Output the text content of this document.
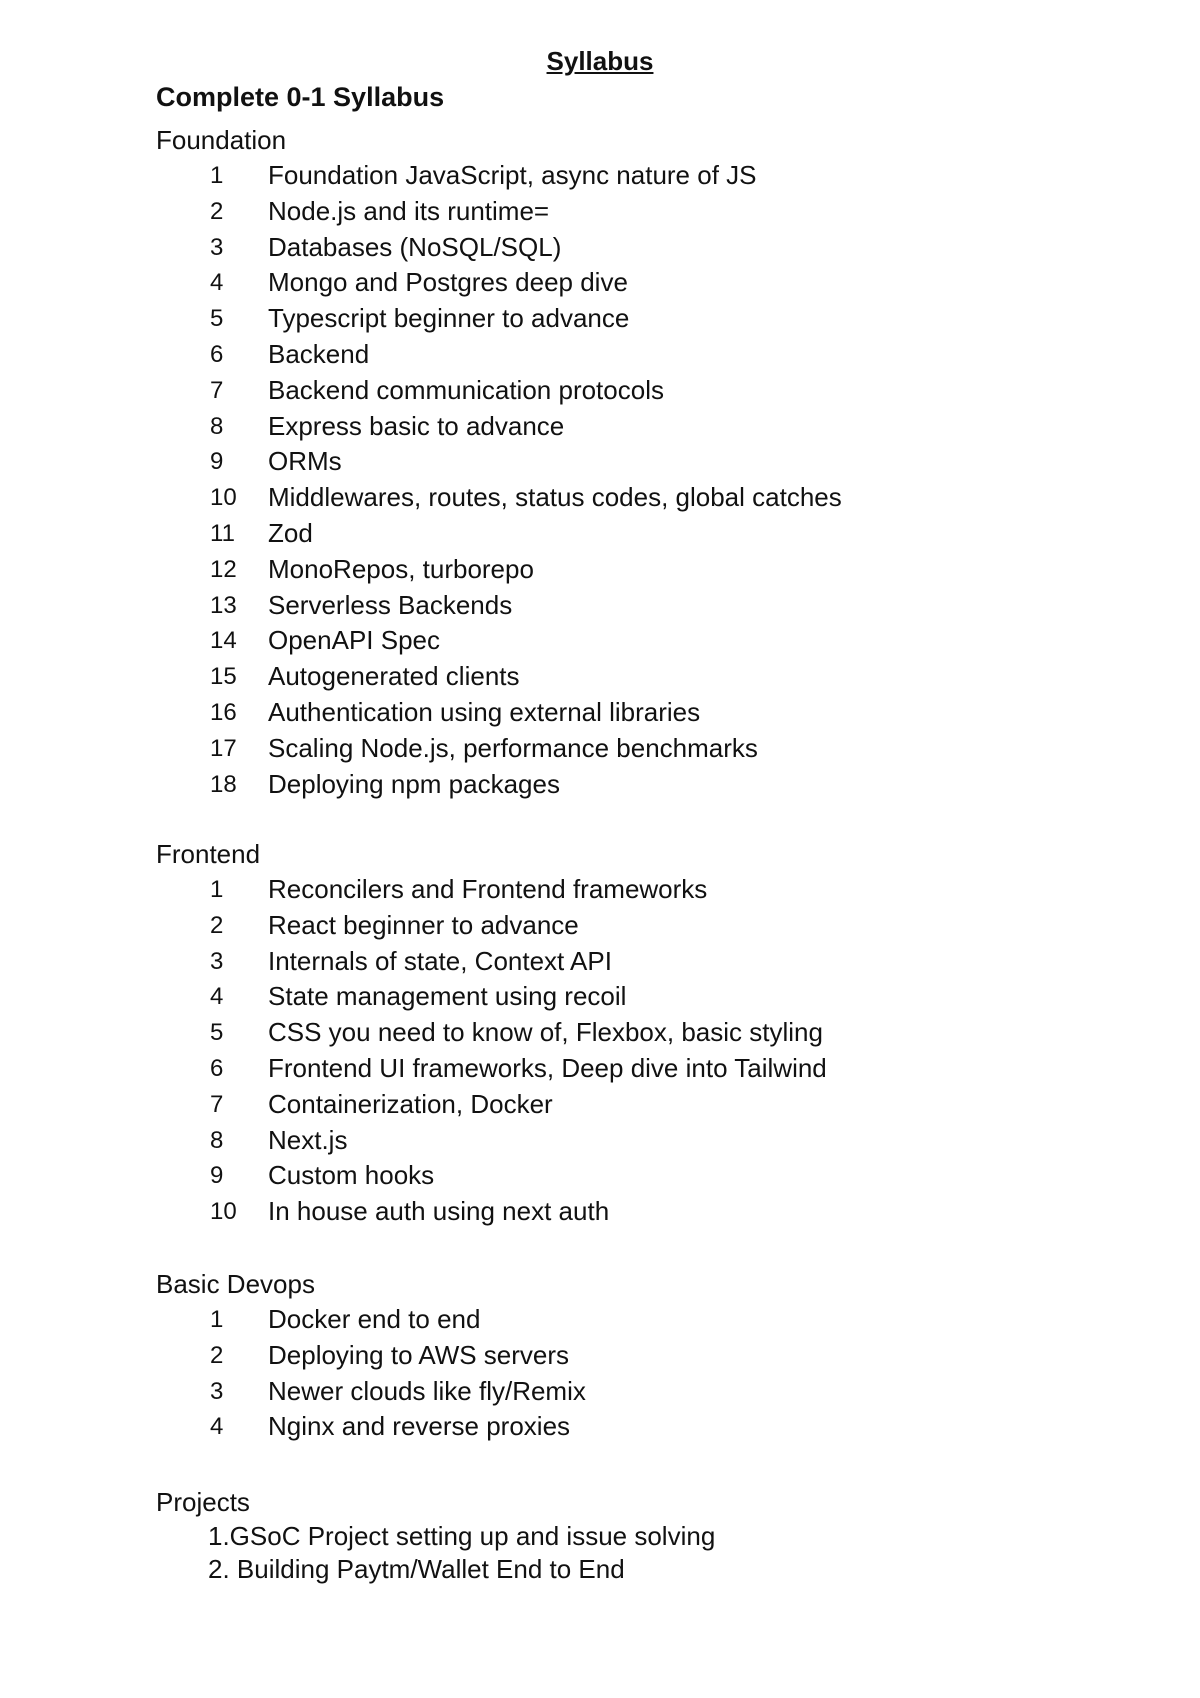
Syllabus
Complete 0-1 Syllabus
Foundation
1	Foundation JavaScript, async nature of JS
2	Node.js and its runtime=
3	Databases (NoSQL/SQL)
4	Mongo and Postgres deep dive
5	Typescript beginner to advance
6	Backend
7	Backend communication protocols
8	Express basic to advance
9	ORMs
10	Middlewares, routes, status codes, global catches
11	Zod
12	MonoRepos, turborepo
13	Serverless Backends
14	OpenAPI Spec
15	Autogenerated clients
16	Authentication using external libraries
17	Scaling Node.js, performance benchmarks
18	Deploying npm packages
Frontend
1	Reconcilers and Frontend frameworks
2	React beginner to advance
3	Internals of state, Context API
4	State management using recoil
5	CSS you need to know of, Flexbox, basic styling
6	Frontend UI frameworks, Deep dive into Tailwind
7	Containerization, Docker
8	Next.js
9	Custom hooks
10	In house auth using next auth
Basic Devops
1	Docker end to end
2	Deploying to AWS servers
3	Newer clouds like fly/Remix
4	Nginx and reverse proxies
Projects
1.GSoC Project setting up and issue solving
2. Building Paytm/Wallet End to End
